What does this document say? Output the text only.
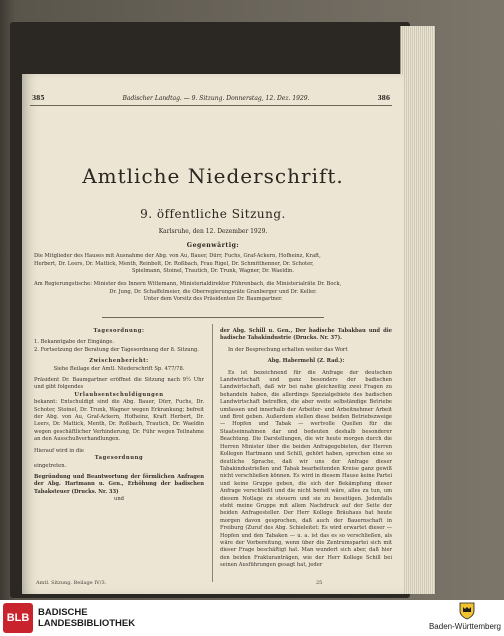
385	Badischer Landtag. — 9. Sitzung. Donnerstag, 12. Dez. 1929.	386
Amtliche Niederschrift.
9. öffentliche Sitzung.
Karlsruhe, den 12. Dezember 1929.
Gegenwärtig:
Die Mitglieder des Hauses mit Ausnahme der Abg. von Au, Bauer, Dürr, Fuchs, Graf-Ackern, Hofheinz, Kraft,
Herbert, Dr. Leers, Dr. Mattick, Menth, Reinbolt, Dr. Roßbach, Frau Rigel, Dr. Schmitthenner, Dr. Schoter,
Spielmann, Stoinel, Trautich, Dr. Trunk, Wagner, Dr. Waeldin.
Am Regierungstische: Minister des Innern Wittemann, Ministerialdirektor Führenbach, die Ministerialräte Dr. Bock,
Dr. Jung, Dr. Schaffelmeier, die Oberregierungsräte Granberger und Dr. Keller.
Unter dem Vorsitz des Präsidenten Dr. Baumgartner.
Tagesordnung:
1. Bekanntgabe der Eingänge.
2. Fortsetzung der Beratung der Tagesordnung der 8. Sitzung.
Zwischenbericht:
Siehe Beilage der Amtl. Niederschrift Sp. 477/78.
Präsident Dr. Baumgartner eröffnet die Sitzung nach 9½ Uhr und gibt folgendes
Urlaubsentschuldigungen
bekannt: Entschuldigt sind die Abg. Bauer, Dürr, Fuchs, Dr. Schoter, Stoinel, Dr. Trunk, Wagner wegen Erkrankung; befreit der Abg. von Au, Graf-Ackern, Hofheinz, Kraft Herbert, Dr. Leers, Dr. Mattick, Menth, Dr. Roßbach, Trautich, Dr. Waeldin wegen geschäftlicher Verhinderung, Dr. Führ wegen Teilnahme an den Ausschußverhandlungen.
Hierauf wird in die
Tagesordnung
eingetreten.
Begründung und Beantwortung der förmlichen Anfragen der Abg. Hartmann u. Gen., Erhöhung der badischen Tabaksteuer (Drucks. Nr. 33)
und
Amtl. Sitzung. Beilage IV/3.
der Abg. Schill u. Gen., Der badische Tabakbau und die badische Tabakindustrie (Drucks. Nr. 37).
In der Besprechung erhalten weiter das Wort
Abg. Habermehl (Z. Rad.):
Es ist bezeichnend für die Anfrage der deutschen Landwirtschaft und ganz besonders der badischen Landwirtschaft, daß wir bei nahe gleichzeitig zwei Fragen zu behandeln haben, die allerdings Spezialgebiete des badischen Landwirtschaft betreffen, die aber weite selbständige Betriebe umfassen und innerhalb der Arbeiter- und Arbeitnehmer Arbeit und Brot geben. Außerdem stellen diese beiden Betriebszweige — Hopfen und Tabak — wertvolle Quellen für die Staatseinnahmen dar und bedeuten deshalb besonderer Beachtung. Die Darstellungen, die wir heute morgen durch die Herren Minister über die beiden Anfragegebieten, der Herren Kollegen Hartmann und Schill, gehört haben, sprechen eine so deutliche Sprache, daß wir uns der Anfrage dieser Tabakindustriellen und Tabak bearbeitenden Kreise ganz gewiß nicht verschließen können. Es wird in diesem Hause keine Partei und keine Gruppe geben, die sich der Bekämpfung dieser Anfrage verschließt und die nicht bereit wäre, alles zu tun, um diesem Notlage zu steuern und sie zu beseitigen. Jedenfalls steht meine Gruppe mit allem Nachdruck auf der Seite der beiden Anfragesteller. Der Herr Kollege Bräuhaus hat heute morgen davon gesprochen, daß auch der Bauernschaft in Freiburg (Zuruf des Abg. Schieleitet: Es wird erwartet dieser — Hopfen und den Tabaken — u. a. ist das es so verschließen, als wäre der Vorbereitung, wenn über die Zentrumspartei sich mit dieser Frage beschäftigt hat. Man wundert sich aber, daß hier den beiden Frakturanträgen, wie der Herr Kollege Schill bei seinen Ausführungen gesagt hat, jeder
25
BLB BADISCHE
LANDESBIBLIOTHEK	Baden-Württemberg
